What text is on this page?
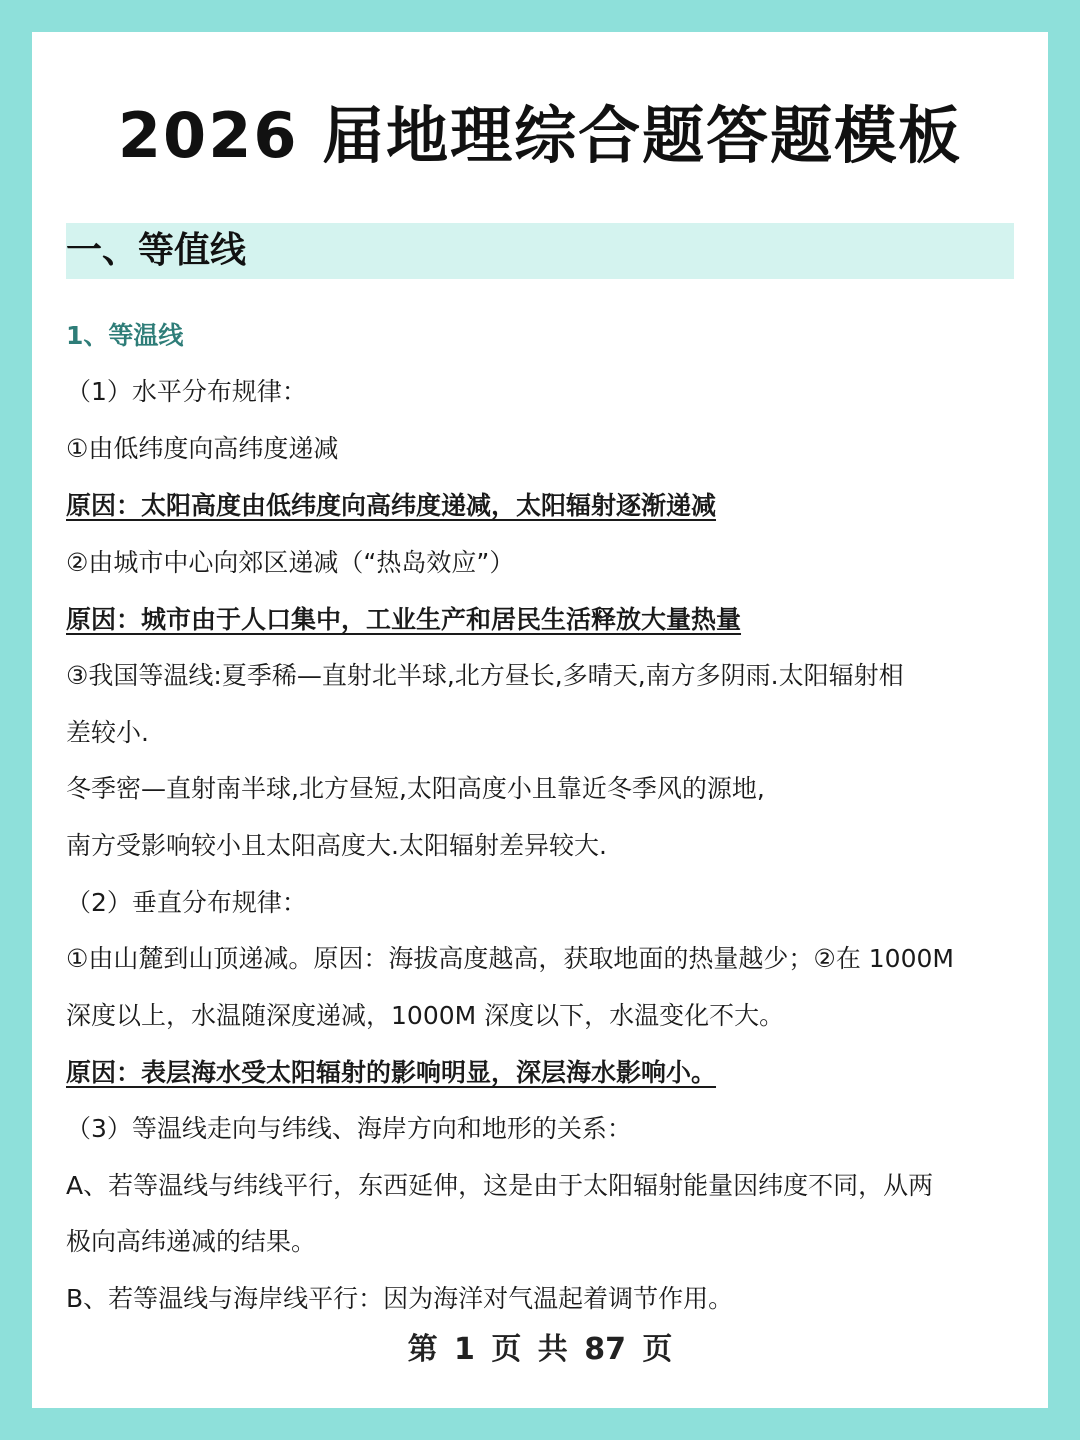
2026 届地理综合题答题模板
一、等值线
1、等温线
（1）水平分布规律：
①由低纬度向高纬度递减
原因：太阳高度由低纬度向高纬度递减，太阳辐射逐渐递减
②由城市中心向郊区递减（“热岛效应”）
原因：城市由于人口集中，工业生产和居民生活释放大量热量
③我国等温线:夏季稀—直射北半球,北方昼长,多晴天,南方多阴雨.太阳辐射相
差较小.
冬季密—直射南半球,北方昼短,太阳高度小且靠近冬季风的源地,
南方受影响较小且太阳高度大.太阳辐射差异较大.
（2）垂直分布规律：
①由山麓到山顶递减。原因：海拔高度越高，获取地面的热量越少；②在 1000M
深度以上，水温随深度递减，1000M 深度以下，水温变化不大。
原因：表层海水受太阳辐射的影响明显，深层海水影响小。
（3）等温线走向与纬线、海岸方向和地形的关系：
A、若等温线与纬线平行，东西延伸，这是由于太阳辐射能量因纬度不同，从两
极向高纬递减的结果。
B、若等温线与海岸线平行：因为海洋对气温起着调节作用。
第 1 页 共 87 页
